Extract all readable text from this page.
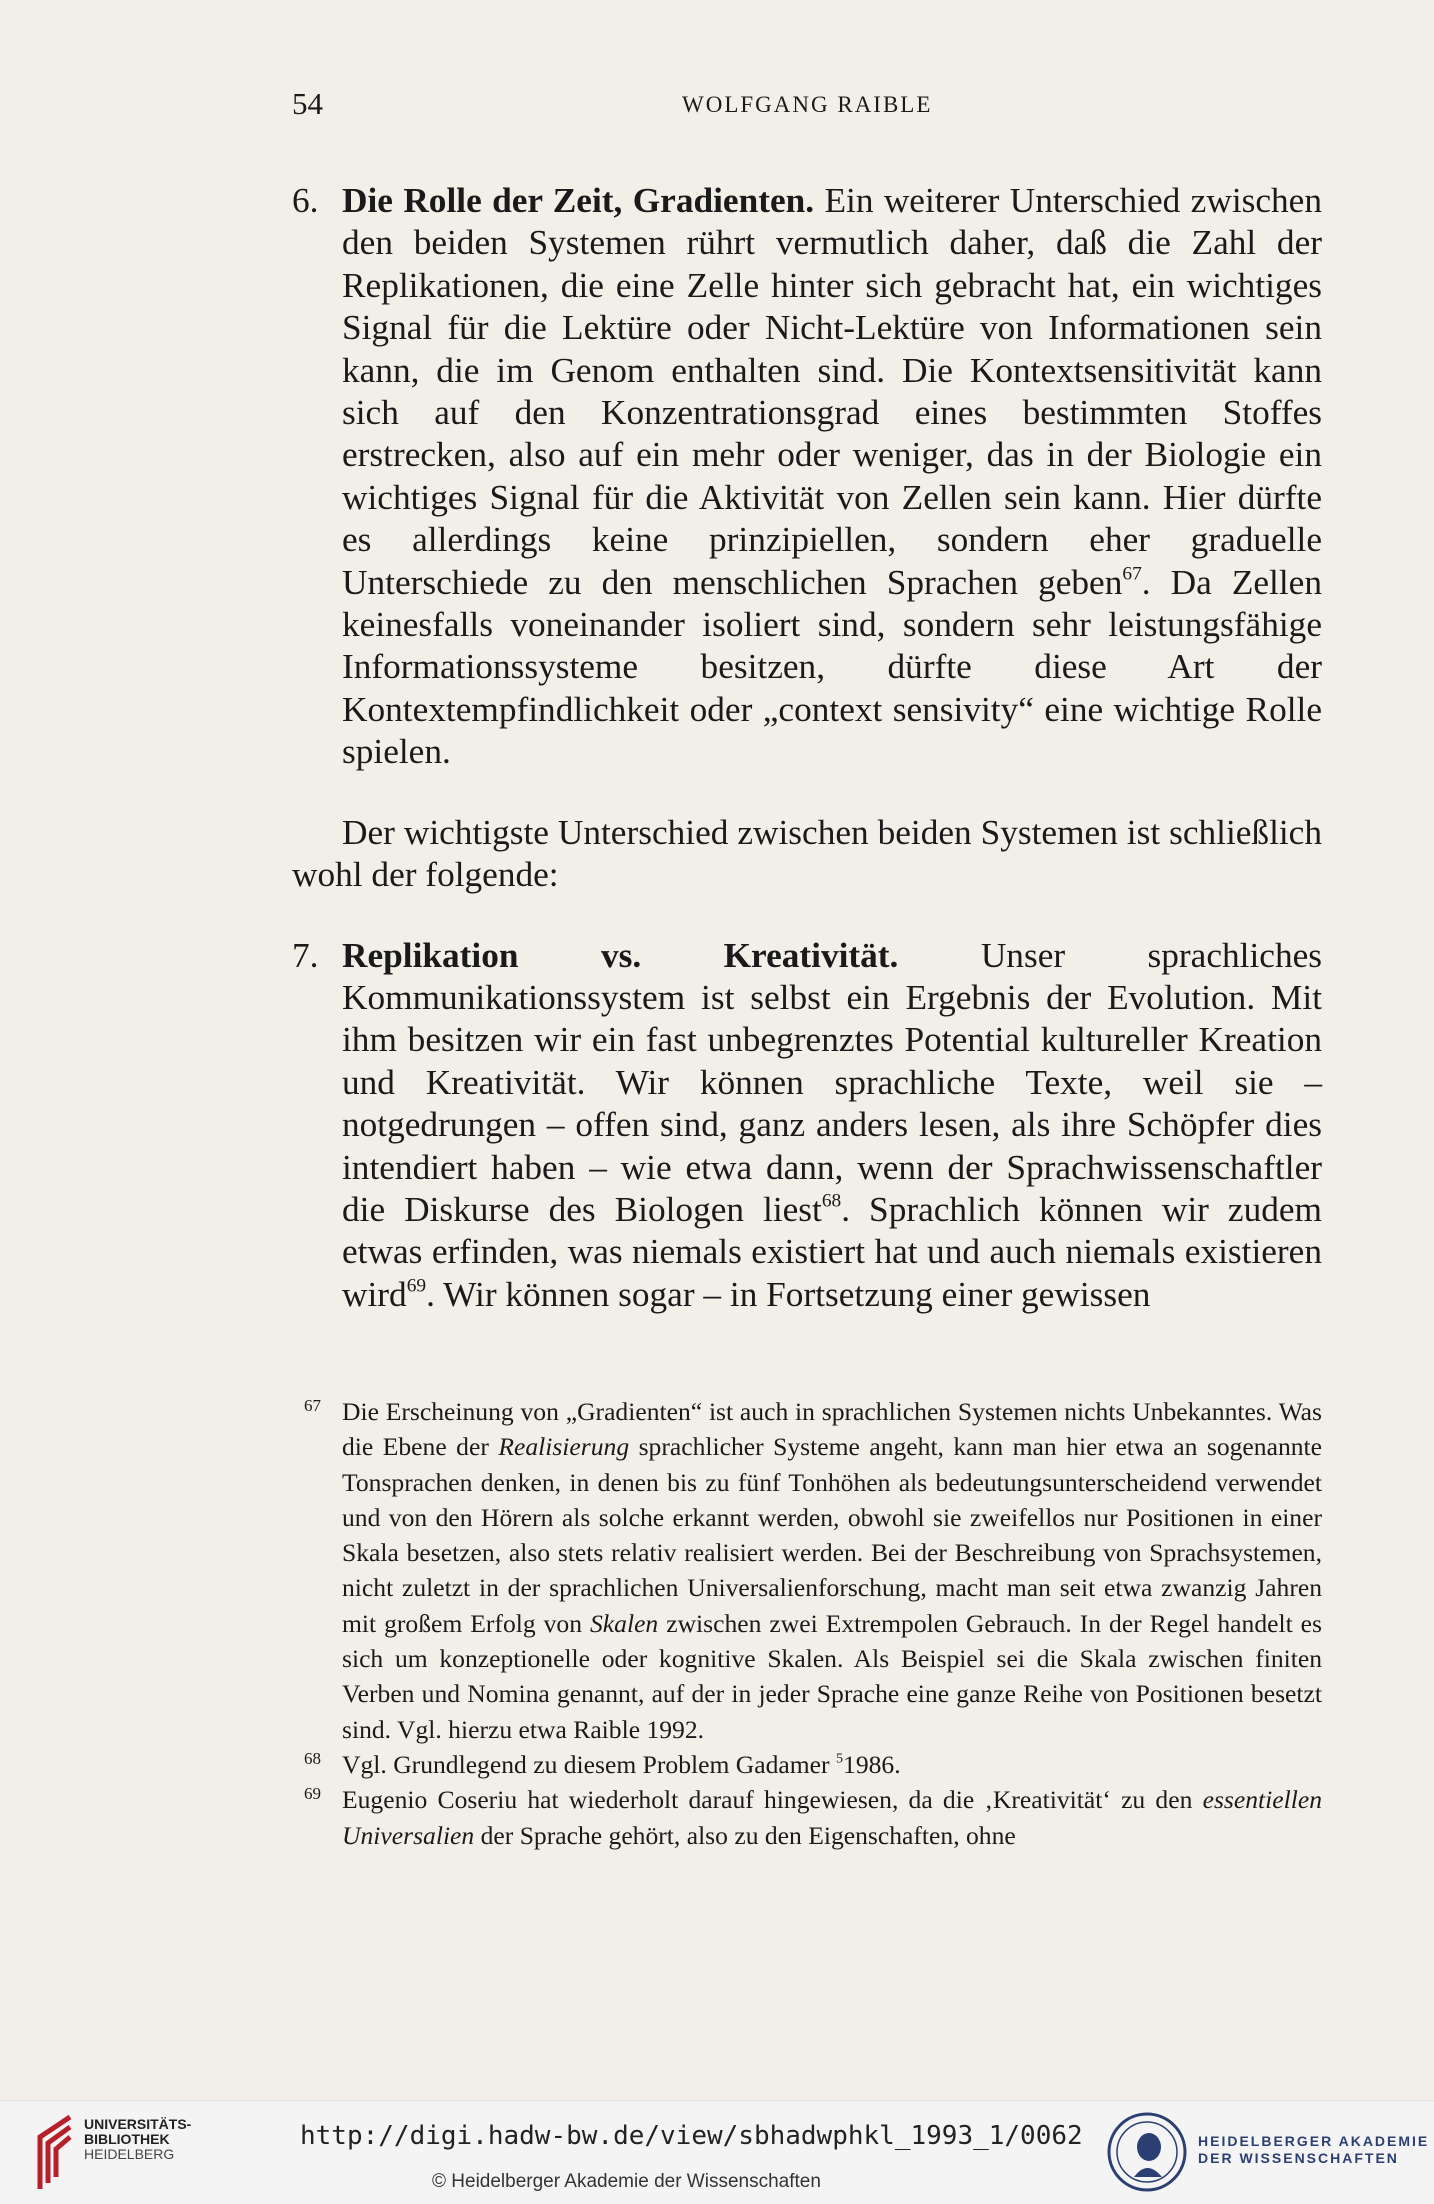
54	WOLFGANG RAIBLE
6. Die Rolle der Zeit, Gradienten. Ein weiterer Unterschied zwischen den beiden Systemen rührt vermutlich daher, daß die Zahl der Replikationen, die eine Zelle hinter sich gebracht hat, ein wichtiges Signal für die Lektüre oder Nicht-Lektüre von Informationen sein kann, die im Genom enthalten sind. Die Kontextsensitivität kann sich auf den Konzentrationsgrad eines bestimmten Stoffes erstrecken, also auf ein mehr oder weniger, das in der Biologie ein wichtiges Signal für die Aktivität von Zellen sein kann. Hier dürfte es allerdings keine prinzipiellen, sondern eher graduelle Unterschiede zu den menschlichen Sprachen geben$^{67}$. Da Zellen keinesfalls voneinander isoliert sind, sondern sehr leistungsfähige Informationssysteme besitzen, dürfte diese Art der Kontextempfindlichkeit oder „context sensivity“ eine wichtige Rolle spielen.
Der wichtigste Unterschied zwischen beiden Systemen ist schließlich wohl der folgende:
7. Replikation vs. Kreativität. Unser sprachliches Kommunikationssystem ist selbst ein Ergebnis der Evolution. Mit ihm besitzen wir ein fast unbegrenztes Potential kultureller Kreation und Kreativität. Wir können sprachliche Texte, weil sie – notgedrungen – offen sind, ganz anders lesen, als ihre Schöpfer dies intendiert haben – wie etwa dann, wenn der Sprachwissenschaftler die Diskurse des Biologen liest$^{68}$. Sprachlich können wir zudem etwas erfinden, was niemals existiert hat und auch niemals existieren wird$^{69}$. Wir können sogar – in Fortsetzung einer gewissen
67 Die Erscheinung von „Gradienten“ ist auch in sprachlichen Systemen nichts Unbekanntes. Was die Ebene der Realisierung sprachlicher Systeme angeht, kann man hier etwa an sogenannte Tonsprachen denken, in denen bis zu fünf Tonhöhen als bedeutungsunterscheidend verwendet und von den Hörern als solche erkannt werden, obwohl sie zweifellos nur Positionen in einer Skala besetzen, also stets relativ realisiert werden. Bei der Beschreibung von Sprachsystemen, nicht zuletzt in der sprachlichen Universalienforschung, macht man seit etwa zwanzig Jahren mit großem Erfolg von Skalen zwischen zwei Extrempolen Gebrauch. In der Regel handelt es sich um konzeptionelle oder kognitive Skalen. Als Beispiel sei die Skala zwischen finiten Verben und Nomina genannt, auf der in jeder Sprache eine ganze Reihe von Positionen besetzt sind. Vgl. hierzu etwa Raible 1992.
68 Vgl. Grundlegend zu diesem Problem Gadamer $^5$1986.
69 Eugenio Coseriu hat wiederholt darauf hingewiesen, da die ‚Kreativität‘ zu den essentiellen Universalien der Sprache gehört, also zu den Eigenschaften, ohne
UNIVERSITÄTS-
BIBLIOTHEK
HEIDELBERG
http://digi.hadw-bw.de/view/sbhadwphkl_1993_1/0062
© Heidelberger Akademie der Wissenschaften
HEIDELBERGER AKADEMIE
DER WISSENSCHAFTEN
